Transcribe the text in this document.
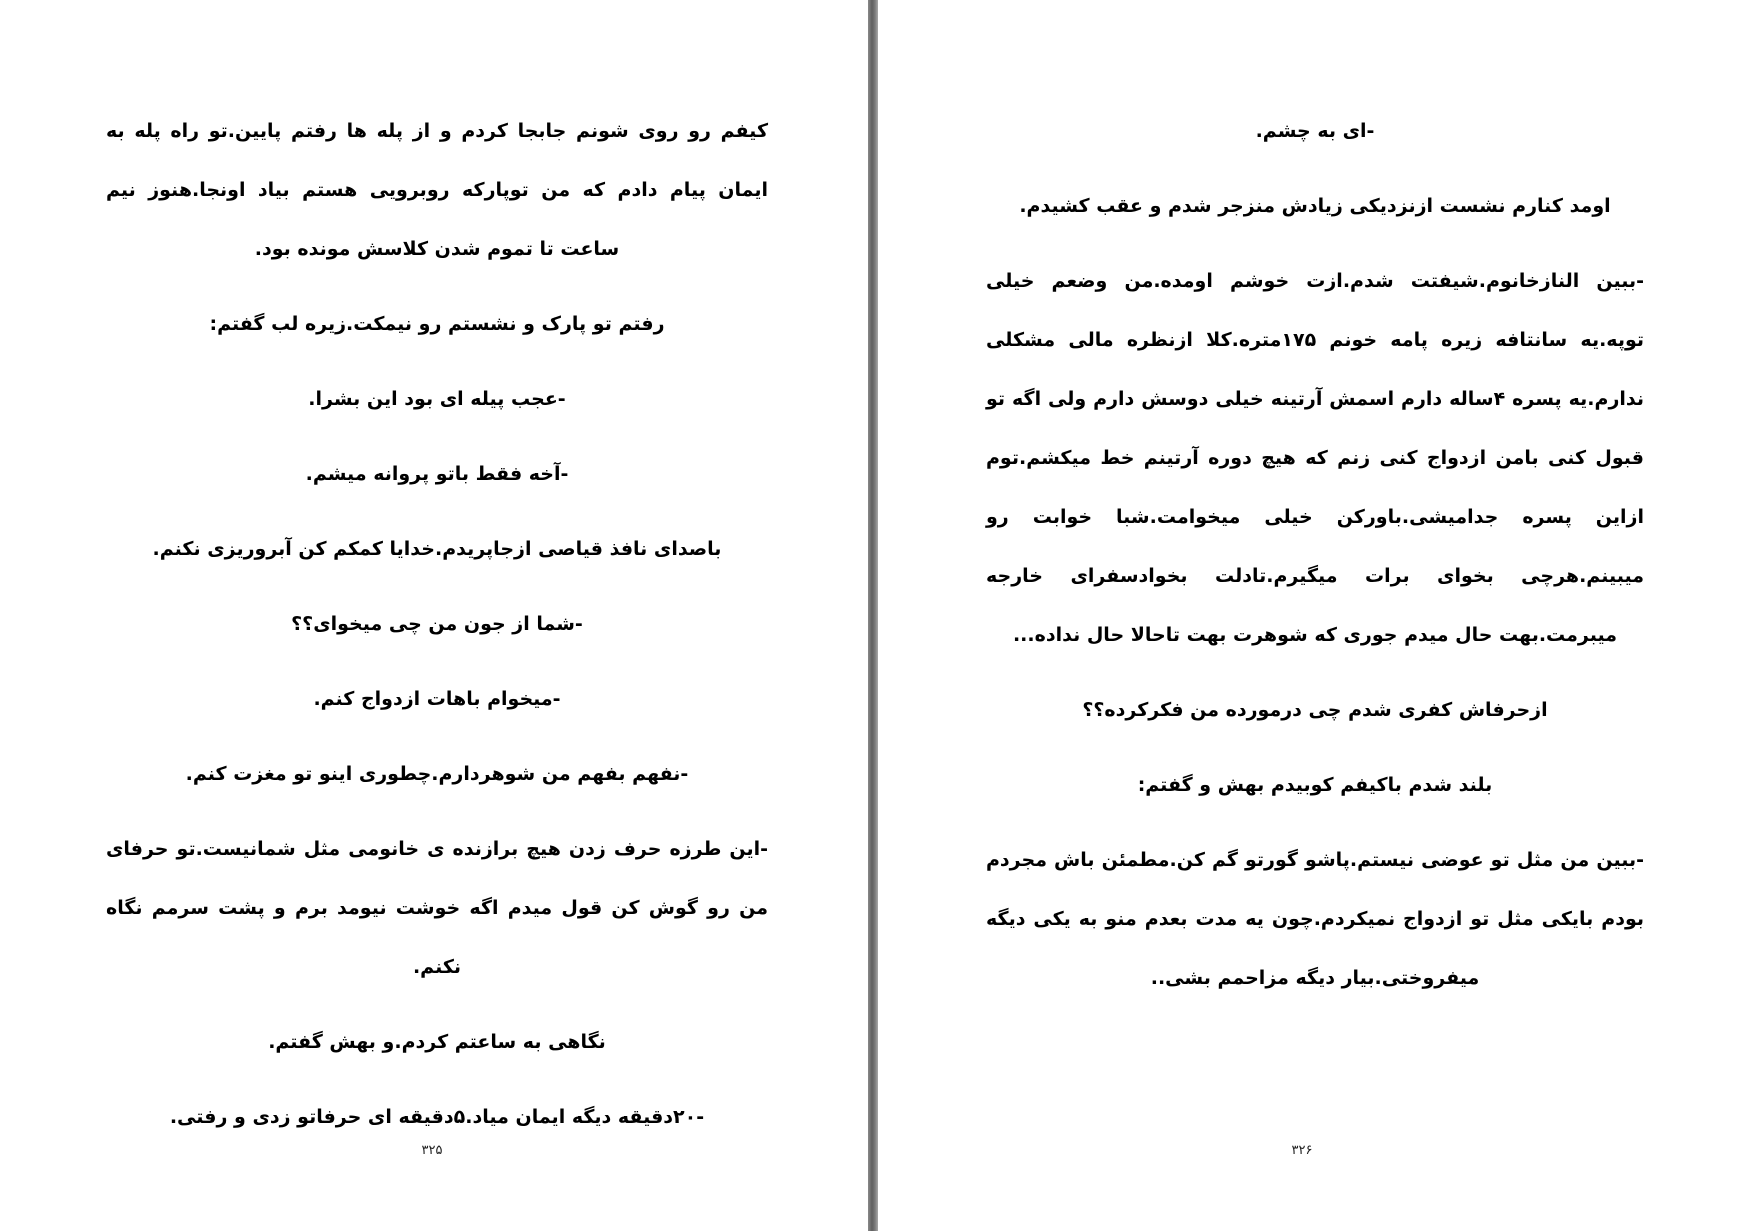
کیفم رو روی شونم جابجا کردم و از پله ها رفتم پایین.تو راه پله به ایمان پیام دادم که من توپارکه روبرویی هستم بیاد اونجا.هنوز نیم ساعت تا تموم شدن کلاسش مونده بود.

رفتم تو پارک و نشستم رو نیمکت.زیره لب گفتم:

-عجب پیله ای بود این بشرا.

-آخه فقط باتو پروانه میشم.

باصدای نافذ قیاصی ازجاپریدم.خدایا کمکم کن آبروریزی نکنم.

-شما از جون من چی میخوای؟؟

-میخوام باهات ازدواج کنم.

-نفهم بفهم من شوهردارم.چطوری اینو تو مغزت کنم.

-این طرزه حرف زدن هیچ برازنده ی خانومی مثل شمانیست.تو حرفای من رو گوش کن قول میدم اگه خوشت نیومد برم و پشت سرمم نگاه نکنم.

نگاهی به ساعتم کردم.و بهش گفتم.

-۲۰دقیقه دیگه ایمان میاد.۵دقیقه ای حرفاتو زدی و رفتی.

۳۲۵

-ای به چشم.

اومد کنارم نشست ازنزدیکی زیادش منزجر شدم و عقب کشیدم.

-ببین النازخانوم.شیفتت شدم.ازت خوشم اومده.من وضعم خیلی توپه.یه سانتافه زیره پامه خونم ۱۷۵متره.کلا ازنظره مالی مشکلی ندارم.یه پسره ۴ساله دارم اسمش آرتینه خیلی دوسش دارم ولی اگه تو قبول کنی بامن ازدواج کنی زنم که هیچ دوره آرتینم خط میکشم.توم ازاین پسره جدامیشی.باورکن خیلی میخوامت.شبا خوابت رو میبینم.هرچی بخوای برات میگیرم.تادلت بخوادسفرای خارجه میبرمت.بهت حال میدم جوری که شوهرت بهت تاحالا حال نداده...

ازحرفاش کفری شدم چی درمورده من فکرکرده؟؟

بلند شدم باکیفم کوبیدم بهش و گفتم:

-ببین من مثل تو عوضی نیستم.پاشو گورتو گم کن.مطمئن باش مجردم بودم بایکی مثل تو ازدواج نمیکردم.چون یه مدت بعدم منو به یکی دیگه میفروختی.بیار دیگه مزاحمم بشی..

۳۲۶
